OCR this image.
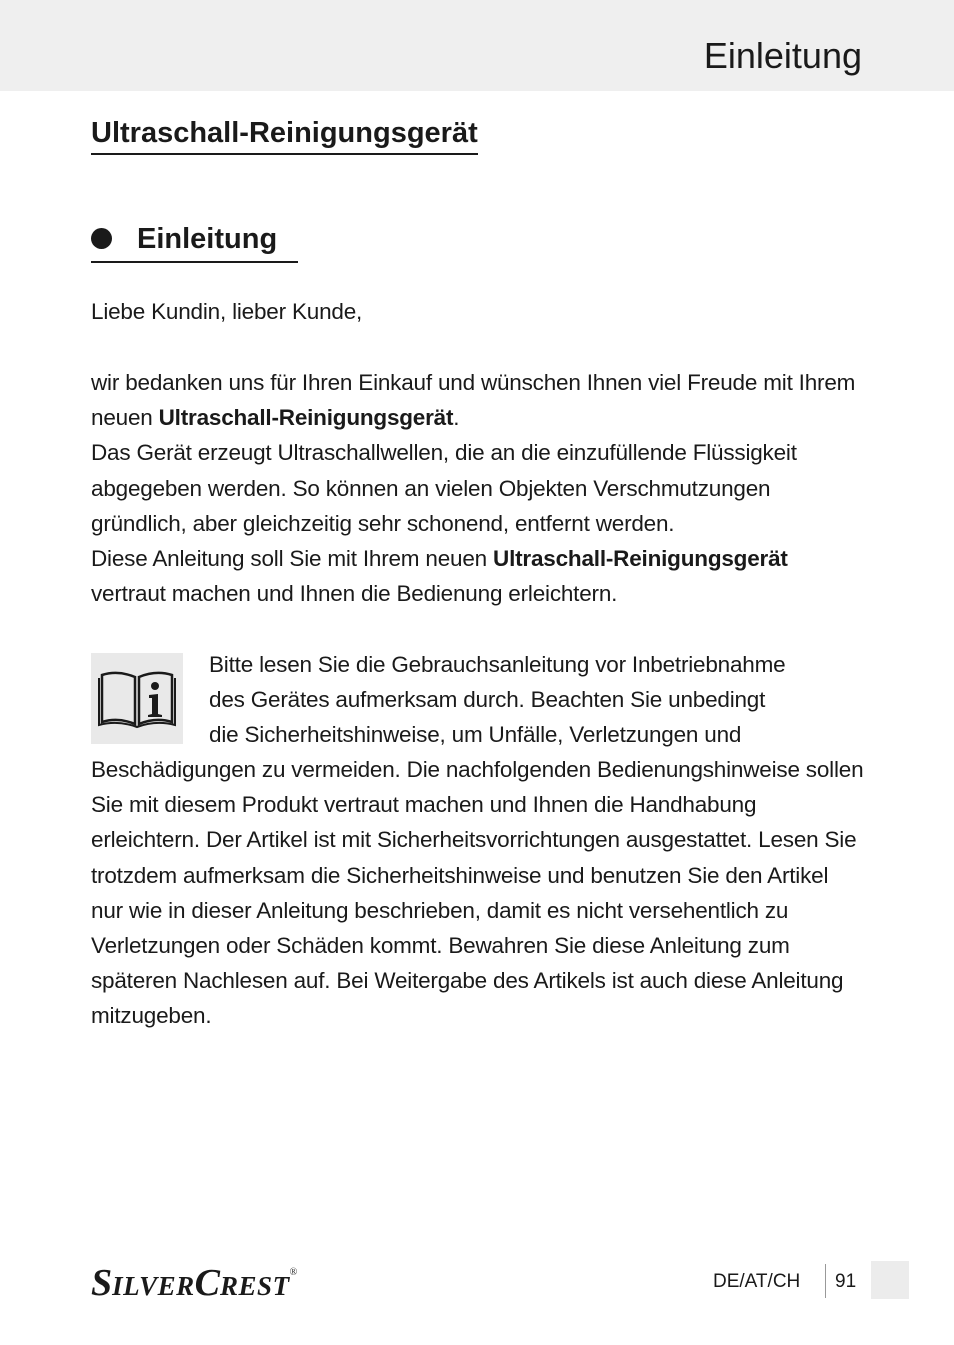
Einleitung
Ultraschall-Reinigungsgerät
Einleitung
Liebe Kundin, lieber Kunde,

wir bedanken uns für Ihren Einkauf und wünschen Ihnen viel Freude mit Ihrem neuen Ultraschall-Reinigungsgerät.

Das Gerät erzeugt Ultraschallwellen, die an die einzufüllende Flüssigkeit abgegeben werden. So können an vielen Objekten Verschmutzungen gründlich, aber gleichzeitig sehr schonend, entfernt werden.

Diese Anleitung soll Sie mit Ihrem neuen Ultraschall-Reinigungsgerät vertraut machen und Ihnen die Bedienung erleichtern.

Bitte lesen Sie die Gebrauchsanleitung vor Inbetriebnahme

des Gerätes aufmerksam durch. Beachten Sie unbedingt

die Sicherheitshinweise, um Unfälle, Verletzungen und

Beschädigungen zu vermeiden. Die nachfolgenden Bedienungshinweise sollen Sie mit diesem Produkt vertraut machen und Ihnen die Handhabung erleichtern. Der Artikel ist mit Sicherheitsvorrichtungen ausgestattet. Lesen Sie trotzdem aufmerksam die Sicherheitshinweise und benutzen Sie den Artikel nur wie in dieser Anleitung beschrieben, damit es nicht versehentlich zu Verletzungen oder Schäden kommt. Bewahren Sie diese Anleitung zum späteren Nachlesen auf. Bei Weitergabe des Artikels ist auch diese Anleitung mitzugeben.
SILVERCREST®	DE/AT/CH 91
